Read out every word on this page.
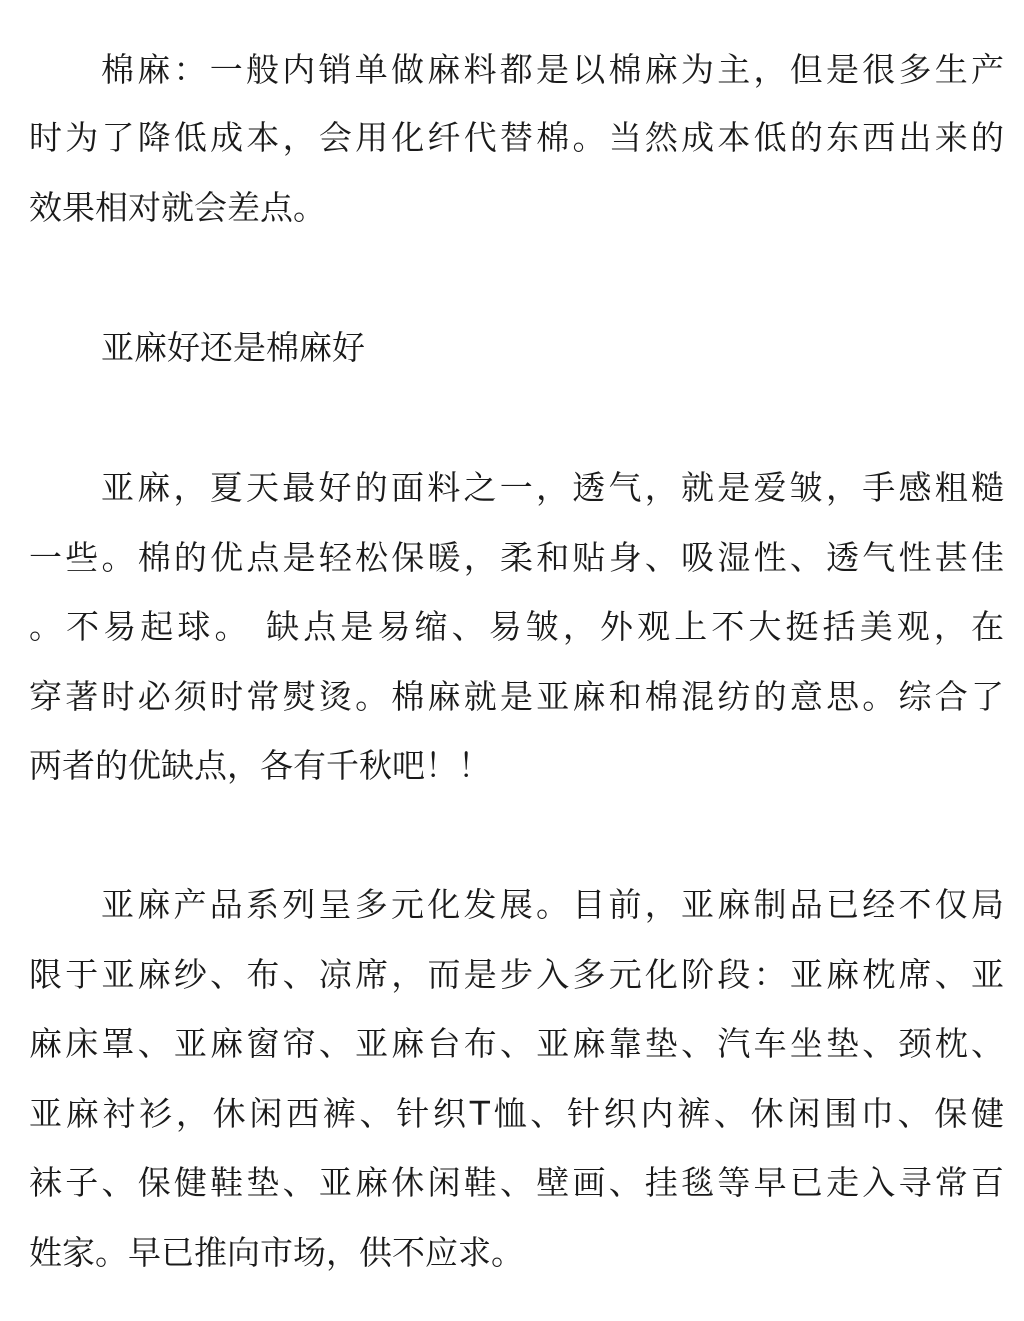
棉麻：一般内销单做麻料都是以棉麻为主，但是很多生产
时为了降低成本，会用化纤代替棉。当然成本低的东西出来的
效果相对就会差点。
亚麻好还是棉麻好
亚麻，夏天最好的面料之一，透气，就是爱皱，手感粗糙
一些。棉的优点是轻松保暖，柔和贴身、吸湿性、透气性甚佳
。不易起球。 缺点是易缩、易皱，外观上不大挺括美观，在
穿著时必须时常熨烫。棉麻就是亚麻和棉混纺的意思。综合了
两者的优缺点，各有千秋吧！！
亚麻产品系列呈多元化发展。目前，亚麻制品已经不仅局
限于亚麻纱、布、凉席，而是步入多元化阶段：亚麻枕席、亚
麻床罩、亚麻窗帘、亚麻台布、亚麻靠垫、汽车坐垫、颈枕、
亚麻衬衫，休闲西裤、针织T恤、针织内裤、休闲围巾、保健
袜子、保健鞋垫、亚麻休闲鞋、壁画、挂毯等早已走入寻常百
姓家。早已推向市场，供不应求。
